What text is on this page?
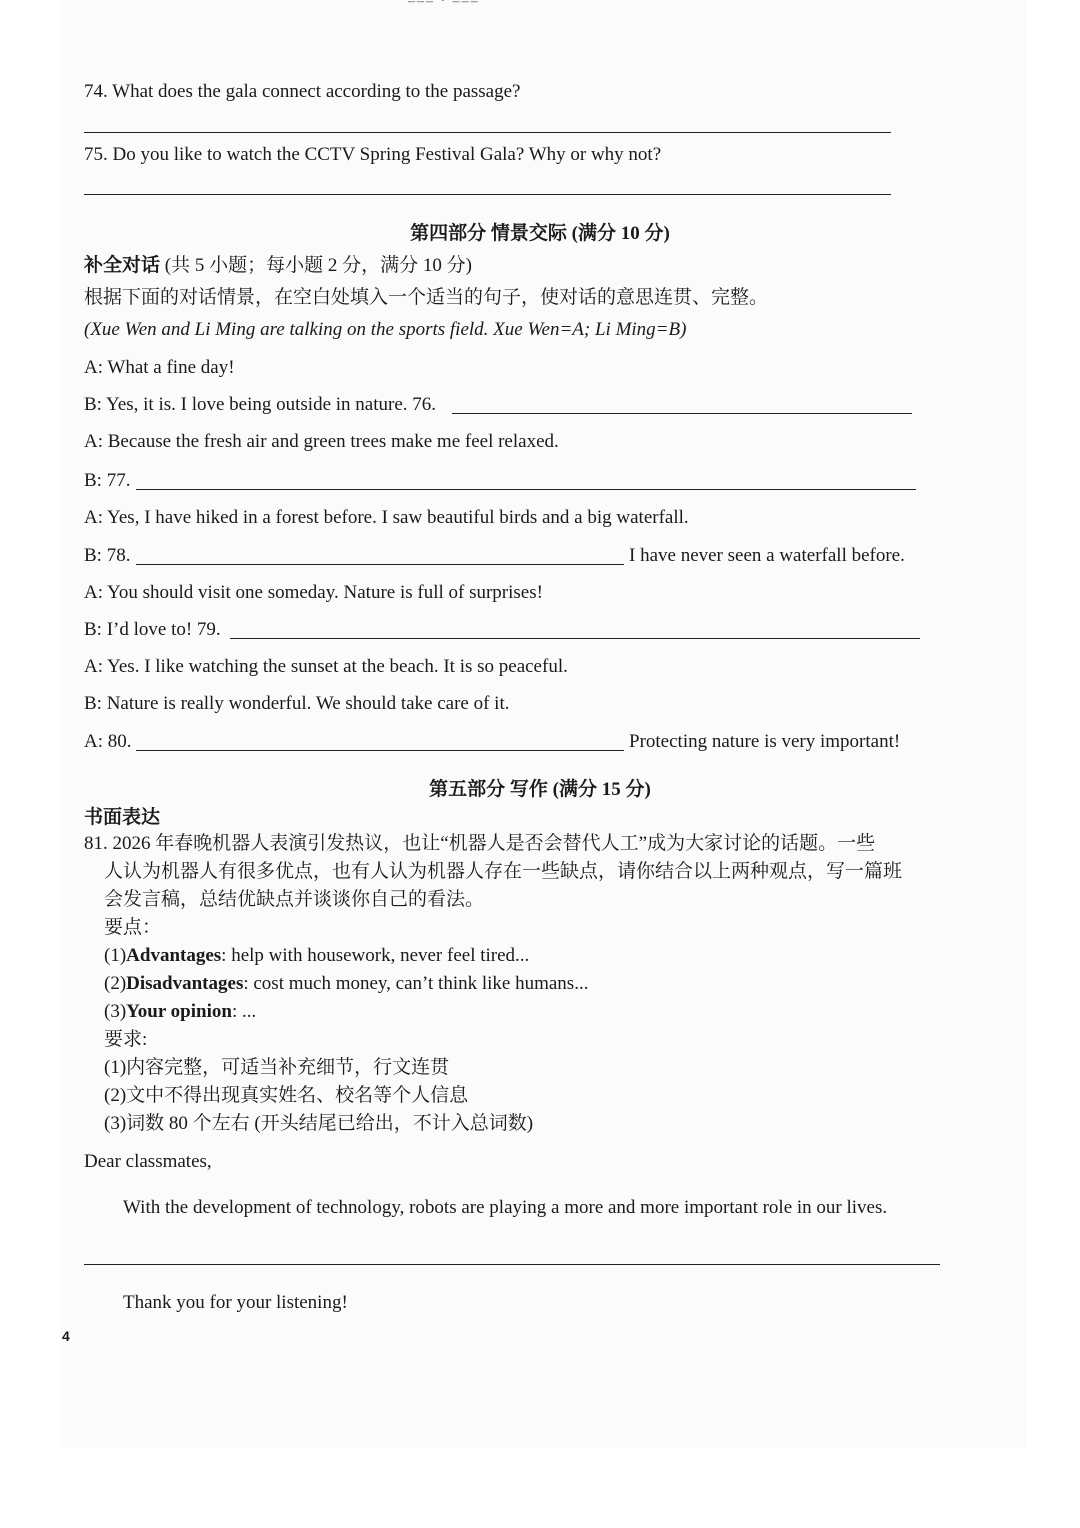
––– · ‒‒–
74. What does the gala connect according to the passage?
75. Do you like to watch the CCTV Spring Festival Gala? Why or why not?
第四部分 情景交际 (满分 10 分)
补全对话 (共 5 小题；每小题 2 分，满分 10 分)
根据下面的对话情景，在空白处填入一个适当的句子，使对话的意思连贯、完整。
(Xue Wen and Li Ming are talking on the sports field. Xue Wen=A; Li Ming=B)
A: What a fine day!
B: Yes, it is. I love being outside in nature. 76.
A: Because the fresh air and green trees make me feel relaxed.
B: 77.
A: Yes, I have hiked in a forest before. I saw beautiful birds and a big waterfall.
B: 78.	I have never seen a waterfall before.
A: You should visit one someday. Nature is full of surprises!
B: I’d love to! 79.
A: Yes. I like watching the sunset at the beach. It is so peaceful.
B: Nature is really wonderful. We should take care of it.
A: 80.	Protecting nature is very important!
第五部分 写作 (满分 15 分)
书面表达
81. 2026 年春晚机器人表演引发热议，也让“机器人是否会替代人工”成为大家讨论的话题。一些
人认为机器人有很多优点，也有人认为机器人存在一些缺点，请你结合以上两种观点，写一篇班
会发言稿，总结优缺点并谈谈你自己的看法。
要点：
(1)Advantages: help with housework, never feel tired...
(2)Disadvantages: cost much money, can’t think like humans...
(3)Your opinion: ...
要求:
(1)内容完整，可适当补充细节，行文连贯
(2)文中不得出现真实姓名、校名等个人信息
(3)词数 80 个左右 (开头结尾已给出，不计入总词数)
Dear classmates,
With the development of technology, robots are playing a more and more important role in our lives.
Thank you for your listening!
4
